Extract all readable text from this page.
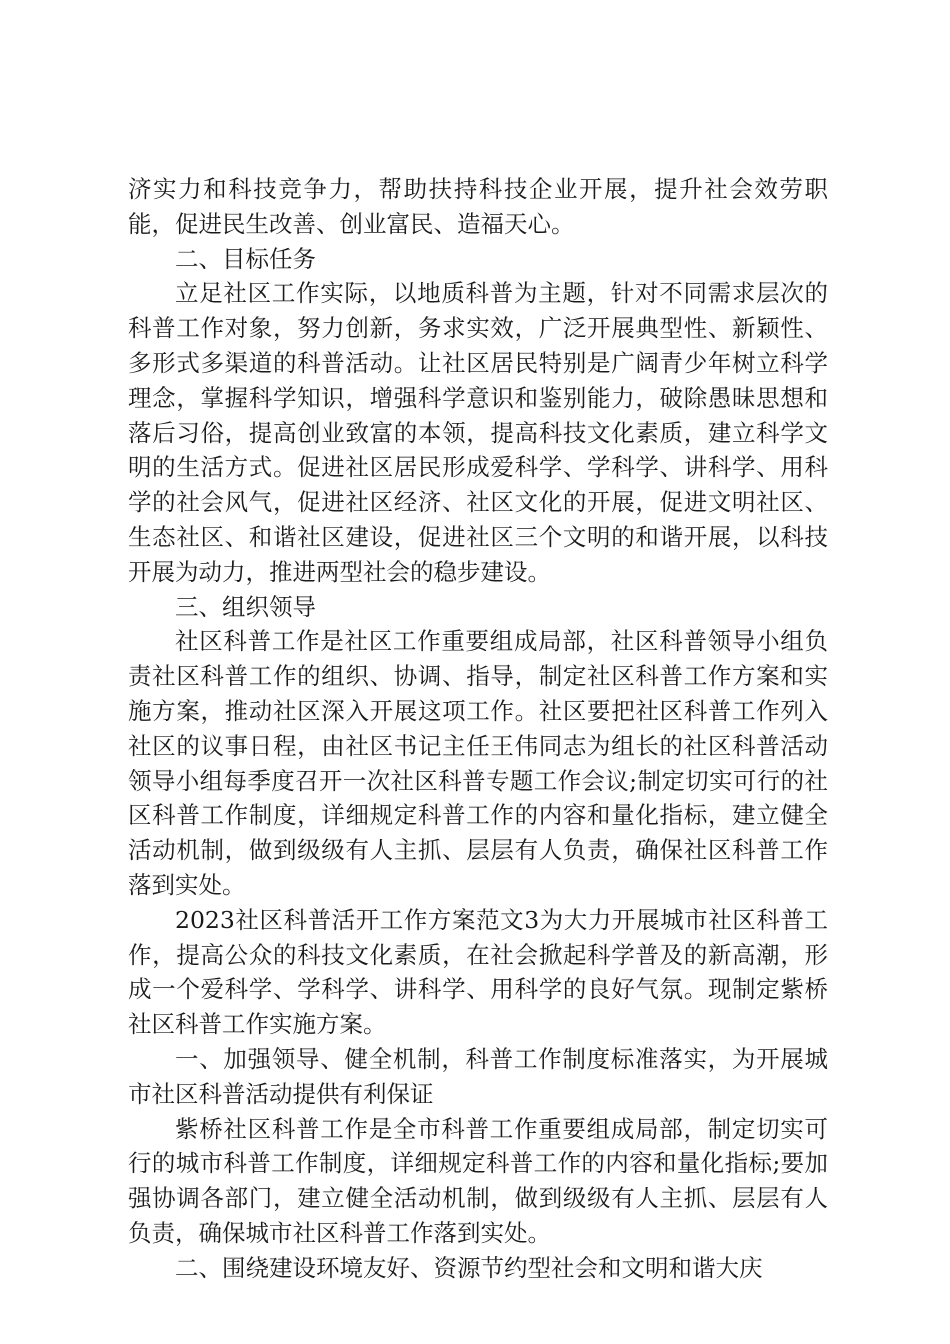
济实力和科技竞争力，帮助扶持科技企业开展，提升社会效劳职能，促进民生改善、创业富民、造福天心。

二、目标任务

立足社区工作实际，以地质科普为主题，针对不同需求层次的科普工作对象，努力创新，务求实效，广泛开展典型性、新颖性、多形式多渠道的科普活动。让社区居民特别是广阔青少年树立科学理念，掌握科学知识，增强科学意识和鉴别能力，破除愚昧思想和落后习俗，提高创业致富的本领，提高科技文化素质，建立科学文明的生活方式。促进社区居民形成爱科学、学科学、讲科学、用科学的社会风气，促进社区经济、社区文化的开展，促进文明社区、生态社区、和谐社区建设，促进社区三个文明的和谐开展，以科技开展为动力，推进两型社会的稳步建设。

三、组织领导

社区科普工作是社区工作重要组成局部，社区科普领导小组负责社区科普工作的组织、协调、指导，制定社区科普工作方案和实施方案，推动社区深入开展这项工作。社区要把社区科普工作列入社区的议事日程，由社区书记主任王伟同志为组长的社区科普活动领导小组每季度召开一次社区科普专题工作会议;制定切实可行的社区科普工作制度，详细规定科普工作的内容和量化指标，建立健全活动机制，做到级级有人主抓、层层有人负责，确保社区科普工作落到实处。

2023社区科普活开工作方案范文3为大力开展城市社区科普工作，提高公众的科技文化素质，在社会掀起科学普及的新高潮，形成一个爱科学、学科学、讲科学、用科学的良好气氛。现制定紫桥社区科普工作实施方案。

一、加强领导、健全机制，科普工作制度标准落实，为开展城市社区科普活动提供有利保证

紫桥社区科普工作是全市科普工作重要组成局部，制定切实可行的城市科普工作制度，详细规定科普工作的内容和量化指标;要加强协调各部门，建立健全活动机制，做到级级有人主抓、层层有人负责，确保城市社区科普工作落到实处。

二、围绕建设环境友好、资源节约型社会和文明和谐大庆
